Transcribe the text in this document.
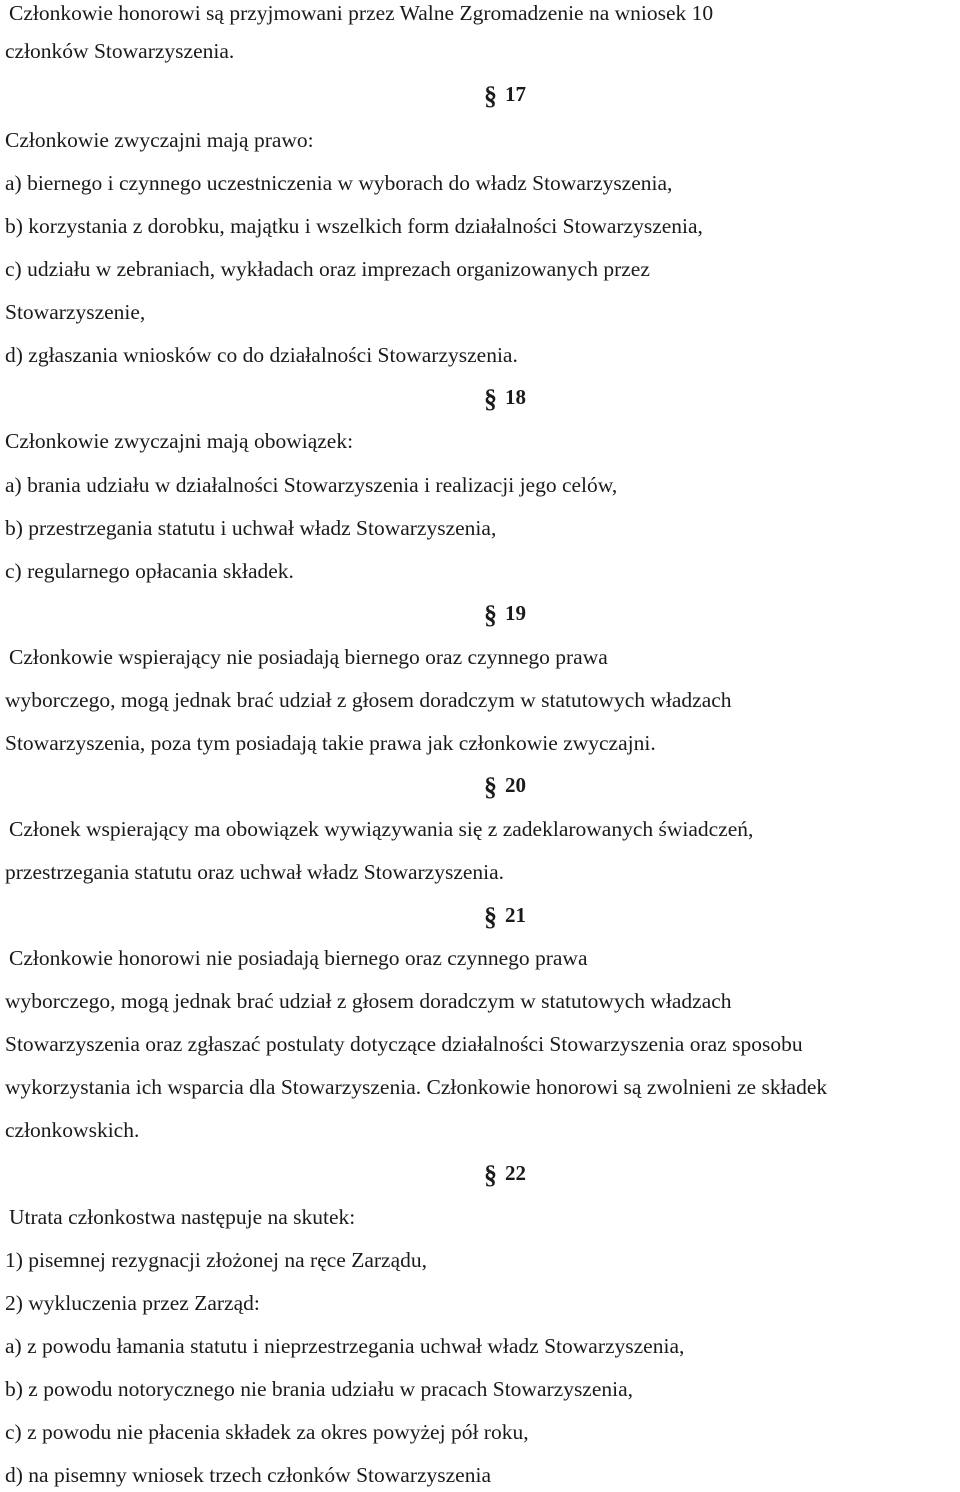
Członkowie honorowi są przyjmowani przez Walne Zgromadzenie na wniosek 10
członków Stowarzyszenia.
§ 17
Członkowie zwyczajni mają prawo:
a) biernego i czynnego uczestniczenia w wyborach do władz Stowarzyszenia,
b) korzystania z dorobku, majątku i wszelkich form działalności Stowarzyszenia,
c) udziału w zebraniach, wykładach oraz imprezach organizowanych przez
Stowarzyszenie,
d) zgłaszania wniosków co do działalności Stowarzyszenia.
§ 18
Członkowie zwyczajni mają obowiązek:
a) brania udziału w działalności Stowarzyszenia i realizacji jego celów,
b) przestrzegania statutu i uchwał władz Stowarzyszenia,
c) regularnego opłacania składek.
§ 19
Członkowie wspierający nie posiadają biernego oraz czynnego prawa
wyborczego, mogą jednak brać udział z głosem doradczym w statutowych władzach
Stowarzyszenia, poza tym posiadają takie prawa jak członkowie zwyczajni.
§ 20
Członek wspierający ma obowiązek wywiązywania się z zadeklarowanych świadczeń,
przestrzegania statutu oraz uchwał władz Stowarzyszenia.
§ 21
Członkowie honorowi nie posiadają biernego oraz czynnego prawa
wyborczego, mogą jednak brać udział z głosem doradczym w statutowych władzach
Stowarzyszenia oraz zgłaszać postulaty dotyczące działalności Stowarzyszenia oraz sposobu
wykorzystania ich wsparcia dla Stowarzyszenia. Członkowie honorowi są zwolnieni ze składek
członkowskich.
§ 22
Utrata członkostwa następuje na skutek:
1) pisemnej rezygnacji złożonej na ręce Zarządu,
2) wykluczenia przez Zarząd:
a) z powodu łamania statutu i nieprzestrzegania uchwał władz Stowarzyszenia,
b) z powodu notorycznego nie brania udziału w pracach Stowarzyszenia,
c) z powodu nie płacenia składek za okres powyżej pół roku,
d) na pisemny wniosek trzech członków Stowarzyszenia
